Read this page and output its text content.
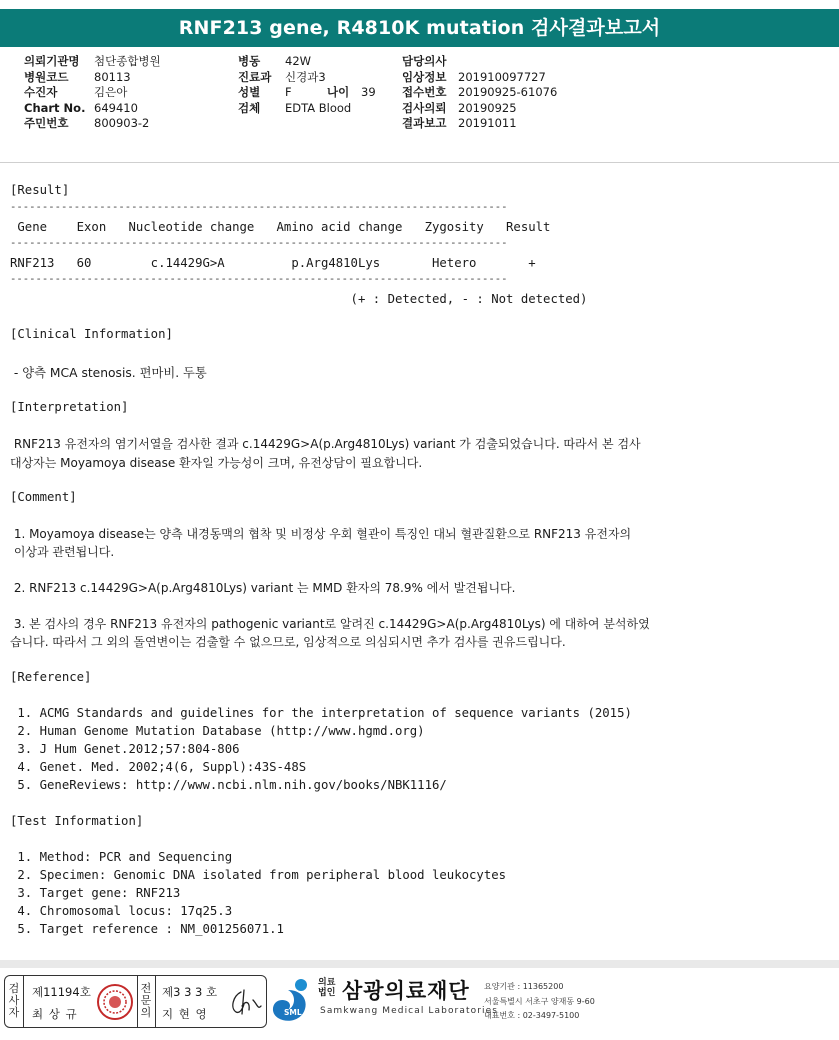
RNF213 gene, R4810K mutation 검사결과보고서
의뢰기관명 첨단종합병원
병원코드 80113
수진자	김은아
Chart No. 649410
주민번호 800903-2
병동 42W
진료과 신경과3
성별 F	나이 39
검체 EDTA Blood
담당의사
임상정보 201910097727
접수번호 20190925-61076
검사의뢰 20190925
결과보고 20191011
[Result]
------------------------------------------------------------------------------
Gene    Exon   Nucleotide change   Amino acid change   Zygosity   Result
------------------------------------------------------------------------------
RNF213   60        c.14429G>A         p.Arg4810Lys       Hetero       +
------------------------------------------------------------------------------
(+ : Detected, - : Not detected)
[Clinical Information]
- 양측 MCA stenosis. 편마비. 두통
[Interpretation]
RNF213 유전자의 염기서열을 검사한 결과 c.14429G>A(p.Arg4810Lys) variant 가 검출되었습니다. 따라서 본 검사
대상자는 Moyamoya disease 환자일 가능성이 크며, 유전상담이 필요합니다.
[Comment]
1. Moyamoya disease는 양측 내경동맥의 협착 및 비정상 우회 혈관이 특징인 대뇌 혈관질환으로 RNF213 유전자의
이상과 관련됩니다.
2. RNF213 c.14429G>A(p.Arg4810Lys) variant 는 MMD 환자의 78.9% 에서 발견됩니다.
3. 본 검사의 경우 RNF213 유전자의 pathogenic variant로 알려진 c.14429G>A(p.Arg4810Lys) 에 대하여 분석하였
습니다. 따라서 그 외의 돌연변이는 검출할 수 없으므로, 임상적으로 의심되시면 추가 검사를 권유드립니다.
[Reference]
1. ACMG Standards and guidelines for the interpretation of sequence variants (2015)
2. Human Genome Mutation Database (http://www.hgmd.org)
3. J Hum Genet.2012;57:804-806
4. Genet. Med. 2002;4(6, Suppl):43S-48S
5. GeneReviews: http://www.ncbi.nlm.nih.gov/books/NBK1116/
[Test Information]
1. Method: PCR and Sequencing
2. Specimen: Genomic DNA isolated from peripheral blood leukocytes
3. Target gene: RNF213
4. Chromosomal locus: 17q25.3
5. Target reference : NM_001256071.1
검
사
자
제11194호
최 상 규
전
문
의
제3 3 3 호
지 현 영	SML
의료
법인 삼광의료재단
Samkwang Medical Laboratories
요양기관 : 11365200
서울특별시 서초구 양재동 9-60
대표번호 : 02-3497-5100
